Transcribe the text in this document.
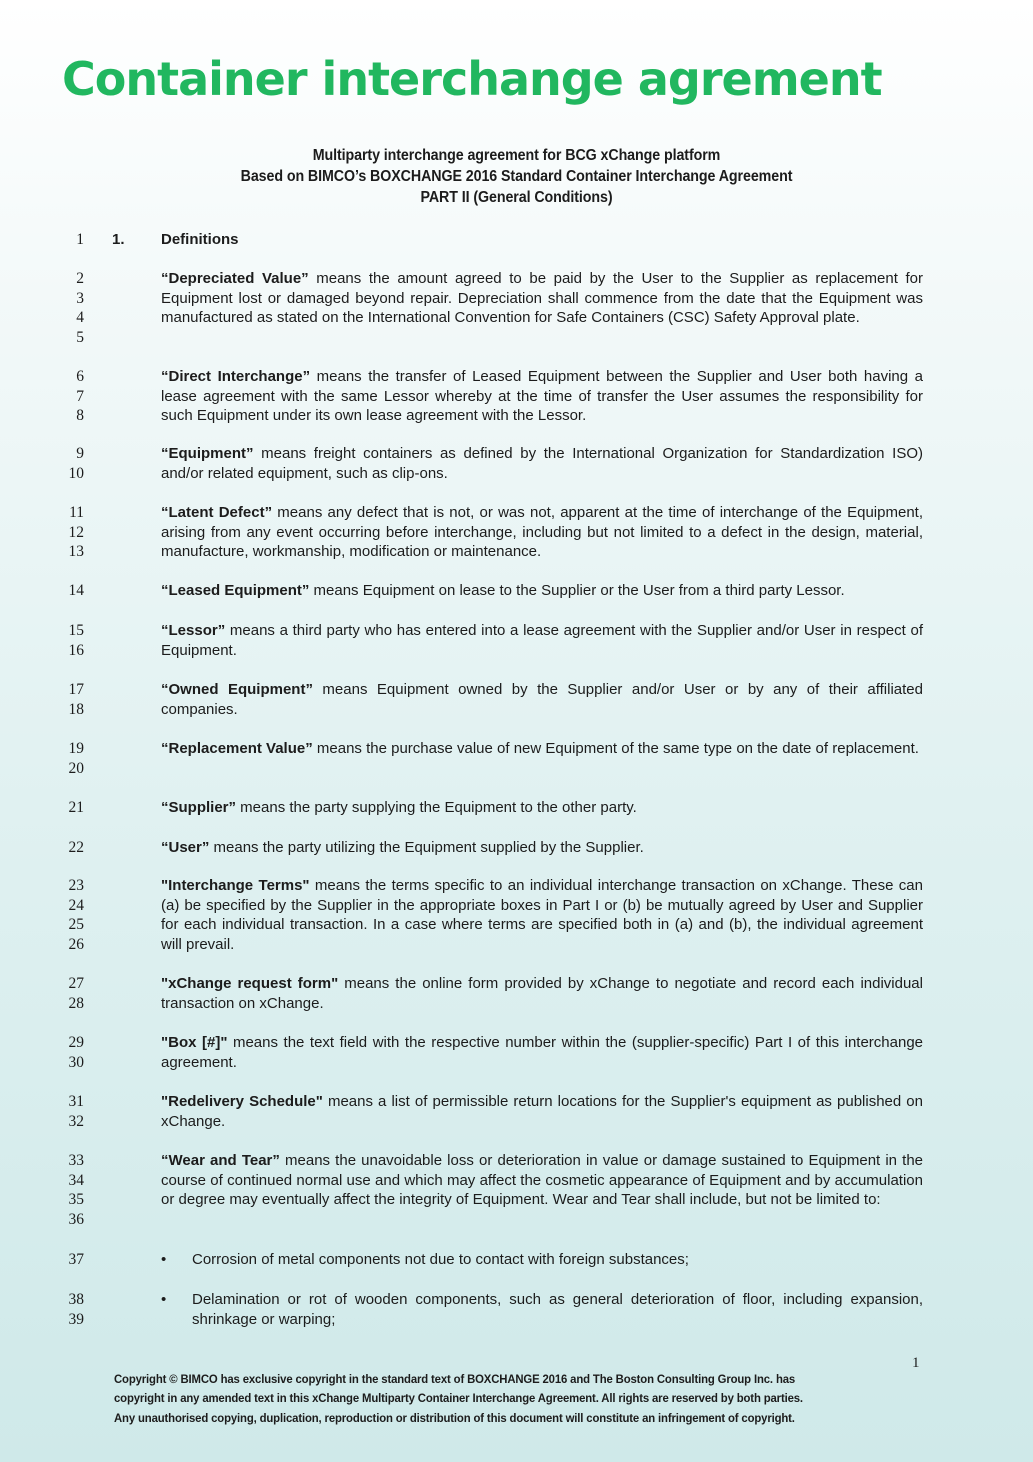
Container interchange agrement
Multiparty interchange agreement for BCG xChange platform
Based on BIMCO’s BOXCHANGE 2016 Standard Container Interchange Agreement
PART II (General Conditions)
1 1. Definitions
2
3
4
5
“Depreciated Value” means the amount agreed to be paid by the User to the Supplier as replacement for Equipment lost or damaged beyond repair. Depreciation shall commence from the date that the Equipment was manufactured as stated on the International Convention for Safe Containers (CSC) Safety Approval plate.
6
7
8
“Direct Interchange” means the transfer of Leased Equipment between the Supplier and User both having a lease agreement with the same Lessor whereby at the time of transfer the User assumes the responsibility for such Equipment under its own lease agreement with the Lessor.
9
10
“Equipment” means freight containers as defined by the International Organization for Standardization ISO) and/or related equipment, such as clip-ons.
11
12
13
“Latent Defect” means any defect that is not, or was not, apparent at the time of interchange of the Equipment, arising from any event occurring before interchange, including but not limited to a defect in the design, material, manufacture, workmanship, modification or maintenance.
14	“Leased Equipment” means Equipment on lease to the Supplier or the User from a third party Lessor.
15
16
“Lessor” means a third party who has entered into a lease agreement with the Supplier and/or User in respect of Equipment.
17
18
“Owned Equipment” means Equipment owned by the Supplier and/or User or by any of their affiliated companies.
19
20
“Replacement Value” means the purchase value of new Equipment of the same type on the date of replacement.
21	“Supplier” means the party supplying the Equipment to the other party.
22	“User” means the party utilizing the Equipment supplied by the Supplier.
23
24
25
26
"Interchange Terms" means the terms specific to an individual interchange transaction on xChange. These can (a) be specified by the Supplier in the appropriate boxes in Part I or (b) be mutually agreed by User and Supplier for each individual transaction. In a case where terms are specified both in (a) and (b), the individual agreement will prevail.
27
28
"xChange request form" means the online form provided by xChange to negotiate and record each individual transaction on xChange.
29
30
"Box [#]" means the text field with the respective number within the (supplier-specific) Part I of this interchange agreement.
31
32
"Redelivery Schedule" means a list of permissible return locations for the Supplier's equipment as published on xChange.
33
34
35
36
“Wear and Tear” means the unavoidable loss or deterioration in value or damage sustained to Equipment in the course of continued normal use and which may affect the cosmetic appearance of Equipment and by accumulation or degree may eventually affect the integrity of Equipment. Wear and Tear shall include, but not be limited to:
37	• Corrosion of metal components not due to contact with foreign substances;
38
39
• Delamination or rot of wooden components, such as general deterioration of floor, including expansion, shrinkage or warping;
1
Copyright © BIMCO has exclusive copyright in the standard text of BOXCHANGE 2016 and The Boston Consulting Group Inc. has
copyright in any amended text in this xChange Multiparty Container Interchange Agreement. All rights are reserved by both parties.
Any unauthorised copying, duplication, reproduction or distribution of this document will constitute an infringement of copyright.
